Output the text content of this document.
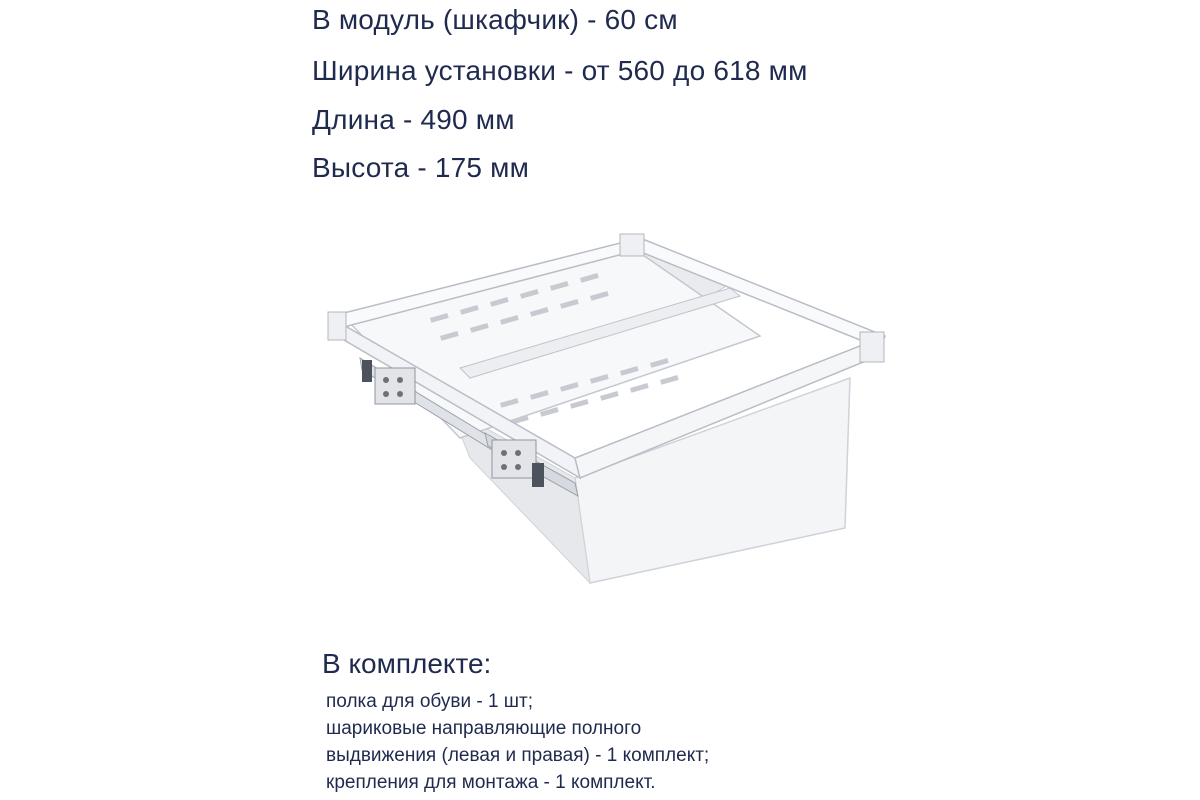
В модуль (шкафчик) - 60 см
Ширина установки - от 560 до 618 мм
Длина - 490 мм
Высота - 175 мм
В комплекте:
полка для обуви - 1 шт;
шариковые направляющие полного
выдвижения (левая и правая) - 1 комплект;
крепления для монтажа - 1 комплект.
